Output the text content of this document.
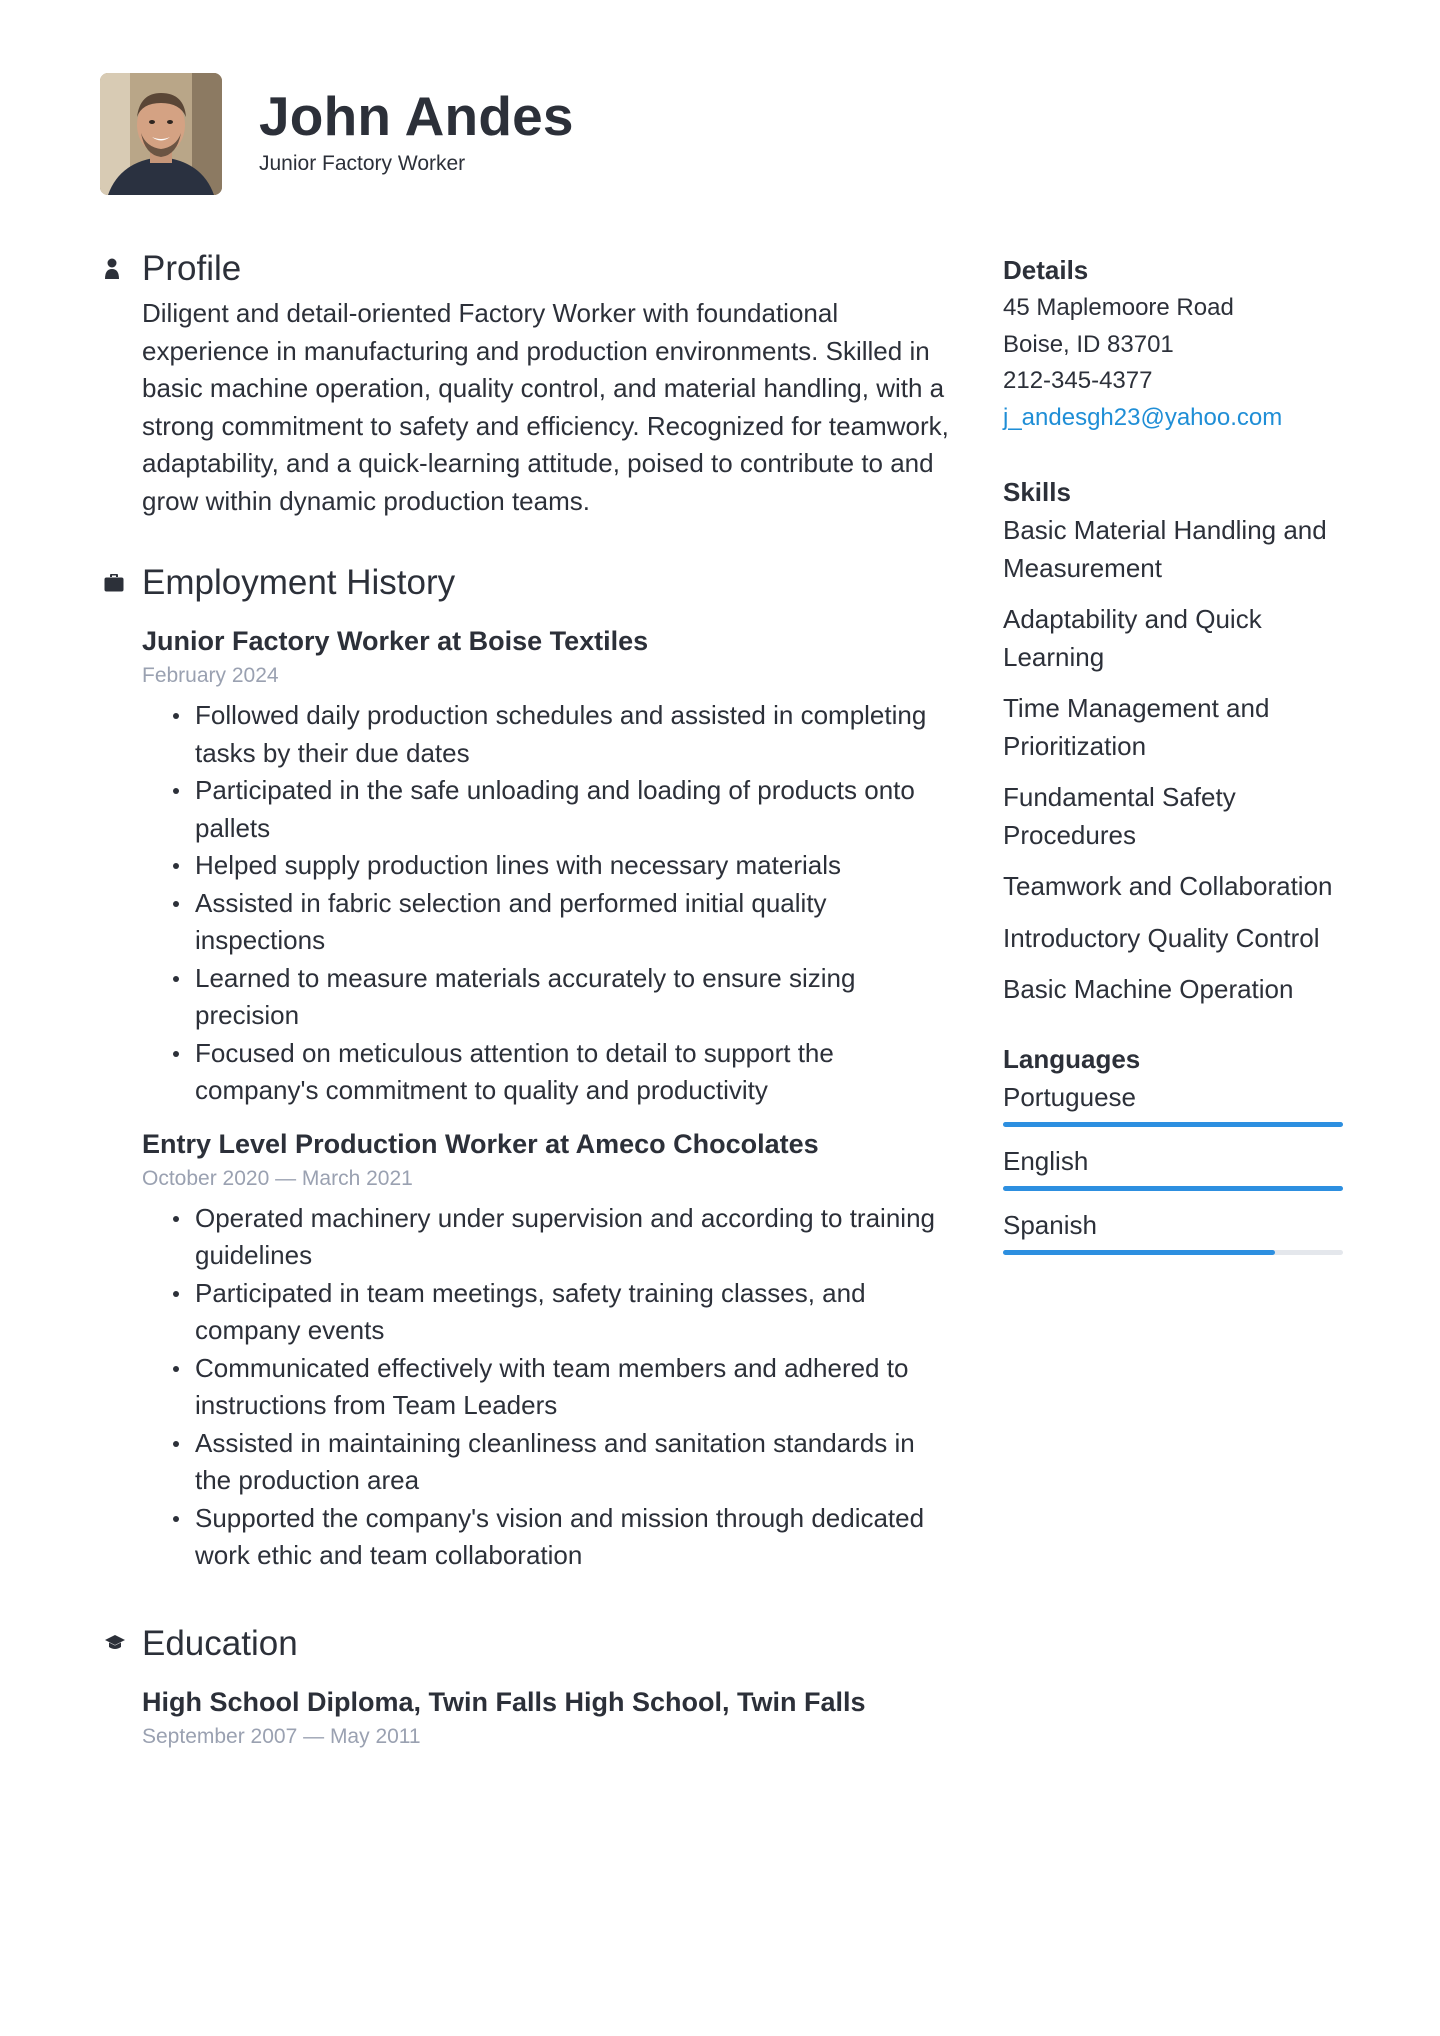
John Andes
Junior Factory Worker
Profile
Diligent and detail-oriented Factory Worker with foundational experience in manufacturing and production environments. Skilled in basic machine operation, quality control, and material handling, with a strong commitment to safety and efficiency. Recognized for teamwork, adaptability, and a quick-learning attitude, poised to contribute to and grow within dynamic production teams.
Employment History
Junior Factory Worker at Boise Textiles
February 2024
Followed daily production schedules and assisted in completing tasks by their due dates
Participated in the safe unloading and loading of products onto pallets
Helped supply production lines with necessary materials
Assisted in fabric selection and performed initial quality inspections
Learned to measure materials accurately to ensure sizing precision
Focused on meticulous attention to detail to support the company's commitment to quality and productivity
Entry Level Production Worker at Ameco Chocolates
October 2020 — March 2021
Operated machinery under supervision and according to training guidelines
Participated in team meetings, safety training classes, and company events
Communicated effectively with team members and adhered to instructions from Team Leaders
Assisted in maintaining cleanliness and sanitation standards in the production area
Supported the company's vision and mission through dedicated work ethic and team collaboration
Education
High School Diploma, Twin Falls High School, Twin Falls
September 2007 — May 2011
Details
45 Maplemoore Road
Boise, ID 83701
212-345-4377
j_andesgh23@yahoo.com
Skills
Basic Material Handling and Measurement
Adaptability and Quick Learning
Time Management and Prioritization
Fundamental Safety Procedures
Teamwork and Collaboration
Introductory Quality Control
Basic Machine Operation
Languages
Portuguese
English
Spanish
